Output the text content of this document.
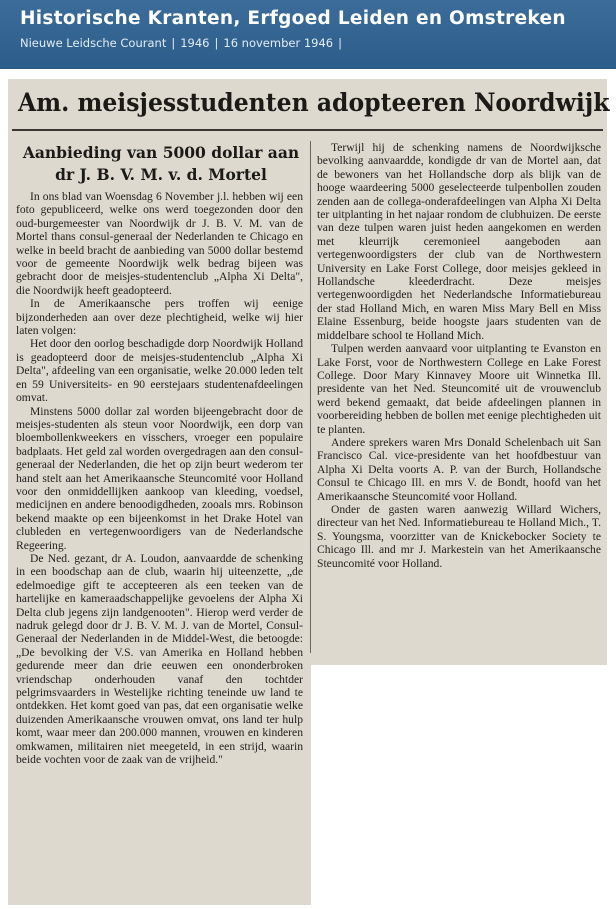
Historische Kranten, Erfgoed Leiden en Omstreken
Nieuwe Leidsche Courant | 1946 | 16 november 1946 |
Am. meisjesstudenten adopteeren Noordwijk
Aanbieding van 5000 dollar aan dr J. B. V. M. v. d. Mortel

In ons blad van Woensdag 6 November j.l. hebben wij een foto gepubliceerd, welke ons werd toegezonden door den oud-burgemeester van Noordwijk dr J. B. V. M. van de Mortel thans consul-generaal der Nederlanden te Chicago en welke in beeld bracht de aanbieding van 5000 dollar bestemd voor de gemeente Noordwijk welk bedrag bijeen was gebracht door de meisjes-studentenclub „Alpha Xi Delta", die Noordwijk heeft geadopteerd.

In de Amerikaansche pers troffen wij eenige bijzonderheden aan over deze plechtigheid, welke wij hier laten volgen:

Het door den oorlog beschadigde dorp Noordwijk Holland is geadopteerd door de meisjes-studentenclub „Alpha Xi Delta", afdeeling van een organisatie, welke 20.000 leden telt en 59 Universiteits- en 90 eerstejaars studentenafdeelingen omvat.

Minstens 5000 dollar zal worden bijeengebracht door de meisjes-studenten als steun voor Noordwijk, een dorp van bloembollenkweekers en visschers, vroeger een populaire badplaats. Het geld zal worden overgedragen aan den consul-generaal der Nederlanden, die het op zijn beurt wederom ter hand stelt aan het Amerikaansche Steuncomité voor Holland voor den onmiddellijken aankoop van kleeding, voedsel, medicijnen en andere benoodigdheden, zooals mrs. Robinson bekend maakte op een bijeenkomst in het Drake Hotel van clubleden en vertegenwoordigers van de Nederlandsche Regeering.

De Ned. gezant, dr A. Loudon, aanvaardde de schenking in een boodschap aan de club, waarin hij uiteenzette, „de edelmoedige gift te accepteeren als een teeken van de hartelijke en kameraadschappelijke gevoelens der Alpha Xi Delta club jegens zijn landgenooten". Hierop werd verder de nadruk gelegd door dr J. B. V. M. J. van de Mortel, Consul-Generaal der Nederlanden in de Middel-West, die betoogde: „De bevolking der V.S. van Amerika en Holland hebben gedurende meer dan drie eeuwen een ononderbroken vriendschap onderhouden vanaf den tochtder pelgrimsvaarders in Westelijke richting teneinde uw land te ontdekken. Het komt goed van pas, dat een organisatie welke duizenden Amerikaansche vrouwen omvat, ons land ter hulp komt, waar meer dan 200.000 mannen, vrouwen en kinderen omkwamen, militairen niet meegeteld, in een strijd, waarin beide vochten voor de zaak van de vrijheid."

Terwijl hij de schenking namens de Noordwijksche bevolking aanvaardde, kondigde dr van de Mortel aan, dat de bewoners van het Hollandsche dorp als blijk van de hooge waardeering 5000 geselecteerde tulpenbollen zouden zenden aan de collega-onderafdeelingen van Alpha Xi Delta ter uitplanting in het najaar rondom de clubhuizen. De eerste van deze tulpen waren juist heden aangekomen en werden met kleurrijk ceremonieel aangeboden aan vertegenwoordigsters der club van de Northwestern University en Lake Forst College, door meisjes gekleed in Hollandsche kleederdracht. Deze meisjes vertegenwoordigden het Nederlandsche Informatiebureau der stad Holland Mich, en waren Miss Mary Bell en Miss Elaine Essenburg, beide hoogste jaars studenten van de middelbare school te Holland Mich.

Tulpen werden aanvaard voor uitplanting te Evanston en Lake Forst, voor de Northwestern College en Lake Forest College. Door Mary Kinnavey Moore uit Winnetka Ill. presidente van het Ned. Steuncomité uit de vrouwenclub werd bekend gemaakt, dat beide afdeelingen plannen in voorbereiding hebben de bollen met eenige plechtigheden uit te planten.

Andere sprekers waren Mrs Donald Schelenbach uit San Francisco Cal. vice-presidente van het hoofdbestuur van Alpha Xi Delta voorts A. P. van der Burch, Hollandsche Consul te Chicago Ill. en mrs V. de Bondt, hoofd van het Amerikaansche Steuncomité voor Holland.

Onder de gasten waren aanwezig Willard Wichers, directeur van het Ned. Informatiebureau te Holland Mich., T. S. Youngsma, voorzitter van de Knickebocker Society te Chicago Ill. and mr J. Markestein van het Amerikaansche Steuncomité voor Holland.
